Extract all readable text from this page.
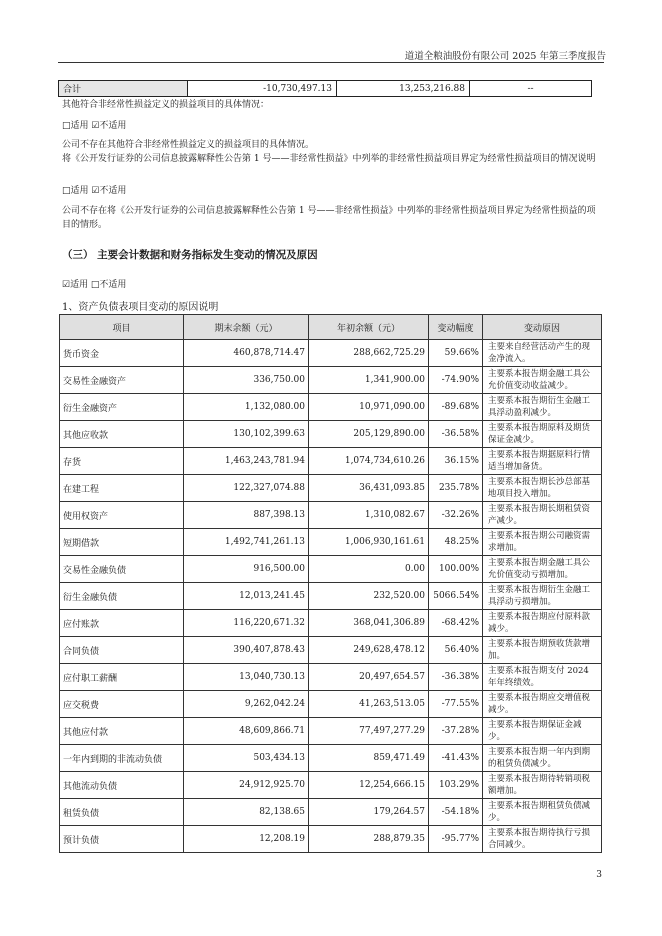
道道全粮油股份有限公司 2025 年第三季度报告
合计	-10,730,497.13	13,253,216.88	--

其他符合非经常性损益定义的损益项目的具体情况：

□适用 ☑不适用

公司不存在其他符合非经常性损益定义的损益项目的具体情况。

将《公开发行证券的公司信息披露解释性公告第 1 号——非经常性损益》中列举的非经常性损益项目界定为经常性损益项目的情况说明

□适用 ☑不适用

公司不存在将《公开发行证券的公司信息披露解释性公告第 1 号——非经常性损益》中列举的非经常性损益项目界定为经常性损益的项目的情形。

（三） 主要会计数据和财务指标发生变动的情况及原因

☑适用 □不适用

1、资产负债表项目变动的原因说明
项目	期末余额（元）	年初余额（元）	变动幅度	变动原因
货币资金	460,878,714.47	288,662,725.29	59.66%	主要来自经营活动产生的现金净流入。
交易性金融资产	336,750.00	1,341,900.00	-74.90%	主要系本报告期金融工具公允价值变动收益减少。
衍生金融资产	1,132,080.00	10,971,090.00	-89.68%	主要系本报告期衍生金融工具浮动盈利减少。
其他应收款	130,102,399.63	205,129,890.00	-36.58%	主要系本报告期原料及期货保证金减少。
存货	1,463,243,781.94	1,074,734,610.26	36.15%	主要系本报告期据原料行情适当增加备货。
在建工程	122,327,074.88	36,431,093.85	235.78%	主要系本报告期长沙总部基地项目投入增加。
使用权资产	887,398.13	1,310,082.67	-32.26%	主要系本报告期长期租赁资产减少。
短期借款	1,492,741,261.13	1,006,930,161.61	48.25%	主要系本报告期公司融资需求增加。
交易性金融负债	916,500.00	0.00	100.00%	主要系本报告期金融工具公允价值变动亏损增加。
衍生金融负债	12,013,241.45	232,520.00	5066.54%	主要系本报告期衍生金融工具浮动亏损增加。
应付账款	116,220,671.32	368,041,306.89	-68.42%	主要系本报告期应付原料款减少。
合同负债	390,407,878.43	249,628,478.12	56.40%	主要系本报告期预收货款增加。
应付职工薪酬	13,040,730.13	20,497,654.57	-36.38%	主要系本报告期支付 2024 年年终绩效。
应交税费	9,262,042.24	41,263,513.05	-77.55%	主要系本报告期应交增值税减少。
其他应付款	48,609,866.71	77,497,277.29	-37.28%	主要系本报告期保证金减少。
一年内到期的非流动负债	503,434.13	859,471.49	-41.43%	主要系本报告期一年内到期的租赁负债减少。
其他流动负债	24,912,925.70	12,254,666.15	103.29%	主要系本报告期待转销项税额增加。
租赁负债	82,138.65	179,264.57	-54.18%	主要系本报告期租赁负债减少。
预计负债	12,208.19	288,879.35	-95.77%	主要系本报告期待执行亏损合同减少。
3
